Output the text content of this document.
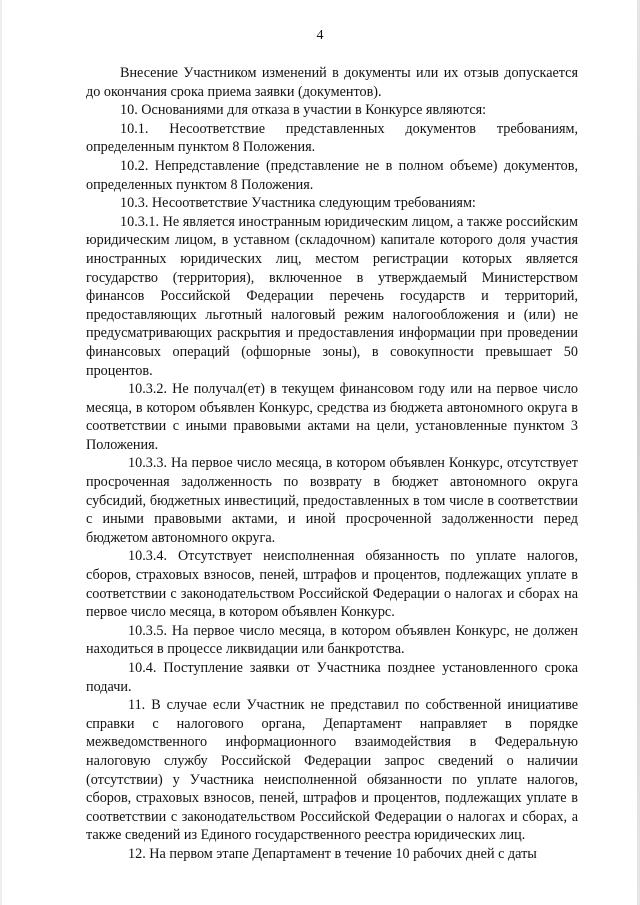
4

Внесение Участником изменений в документы или их отзыв допускается до окончания срока приема заявки (документов).

10. Основаниями для отказа в участии в Конкурсе являются:

10.1. Несоответствие представленных документов требованиям, определенным пунктом 8 Положения.

10.2. Непредставление (представление не в полном объеме) документов, определенных пунктом 8 Положения.

10.3. Несоответствие Участника следующим требованиям:

10.3.1. Не является иностранным юридическим лицом, а также российским юридическим лицом, в уставном (складочном) капитале которого доля участия иностранных юридических лиц, местом регистрации которых является государство (территория), включенное в утверждаемый Министерством финансов Российской Федерации перечень государств и территорий, предоставляющих льготный налоговый режим налогообложения и (или) не предусматривающих раскрытия и предоставления информации при проведении финансовых операций (офшорные зоны), в совокупности превышает 50 процентов.

10.3.2. Не получал(ет) в текущем финансовом году или на первое число месяца, в котором объявлен Конкурс, средства из бюджета автономного округа в соответствии с иными правовыми актами на цели, установленные пунктом 3 Положения.

10.3.3. На первое число месяца, в котором объявлен Конкурс, отсутствует просроченная задолженность по возврату в бюджет автономного округа субсидий, бюджетных инвестиций, предоставленных в том числе в соответствии с иными правовыми актами, и иной просроченной задолженности перед бюджетом автономного округа.

10.3.4. Отсутствует неисполненная обязанность по уплате налогов, сборов, страховых взносов, пеней, штрафов и процентов, подлежащих уплате в соответствии с законодательством Российской Федерации о налогах и сборах на первое число месяца, в котором объявлен Конкурс.

10.3.5. На первое число месяца, в котором объявлен Конкурс, не должен находиться в процессе ликвидации или банкротства.

10.4. Поступление заявки от Участника позднее установленного срока подачи.

11. В случае если Участник не представил по собственной инициативе справки с налогового органа, Департамент направляет в порядке межведомственного информационного взаимодействия в Федеральную налоговую службу Российской Федерации запрос сведений о наличии (отсутствии) у Участника неисполненной обязанности по уплате налогов, сборов, страховых взносов, пеней, штрафов и процентов, подлежащих уплате в соответствии с законодательством Российской Федерации о налогах и сборах, а также сведений из Единого государственного реестра юридических лиц.

12. На первом этапе Департамент в течение 10 рабочих дней с даты
